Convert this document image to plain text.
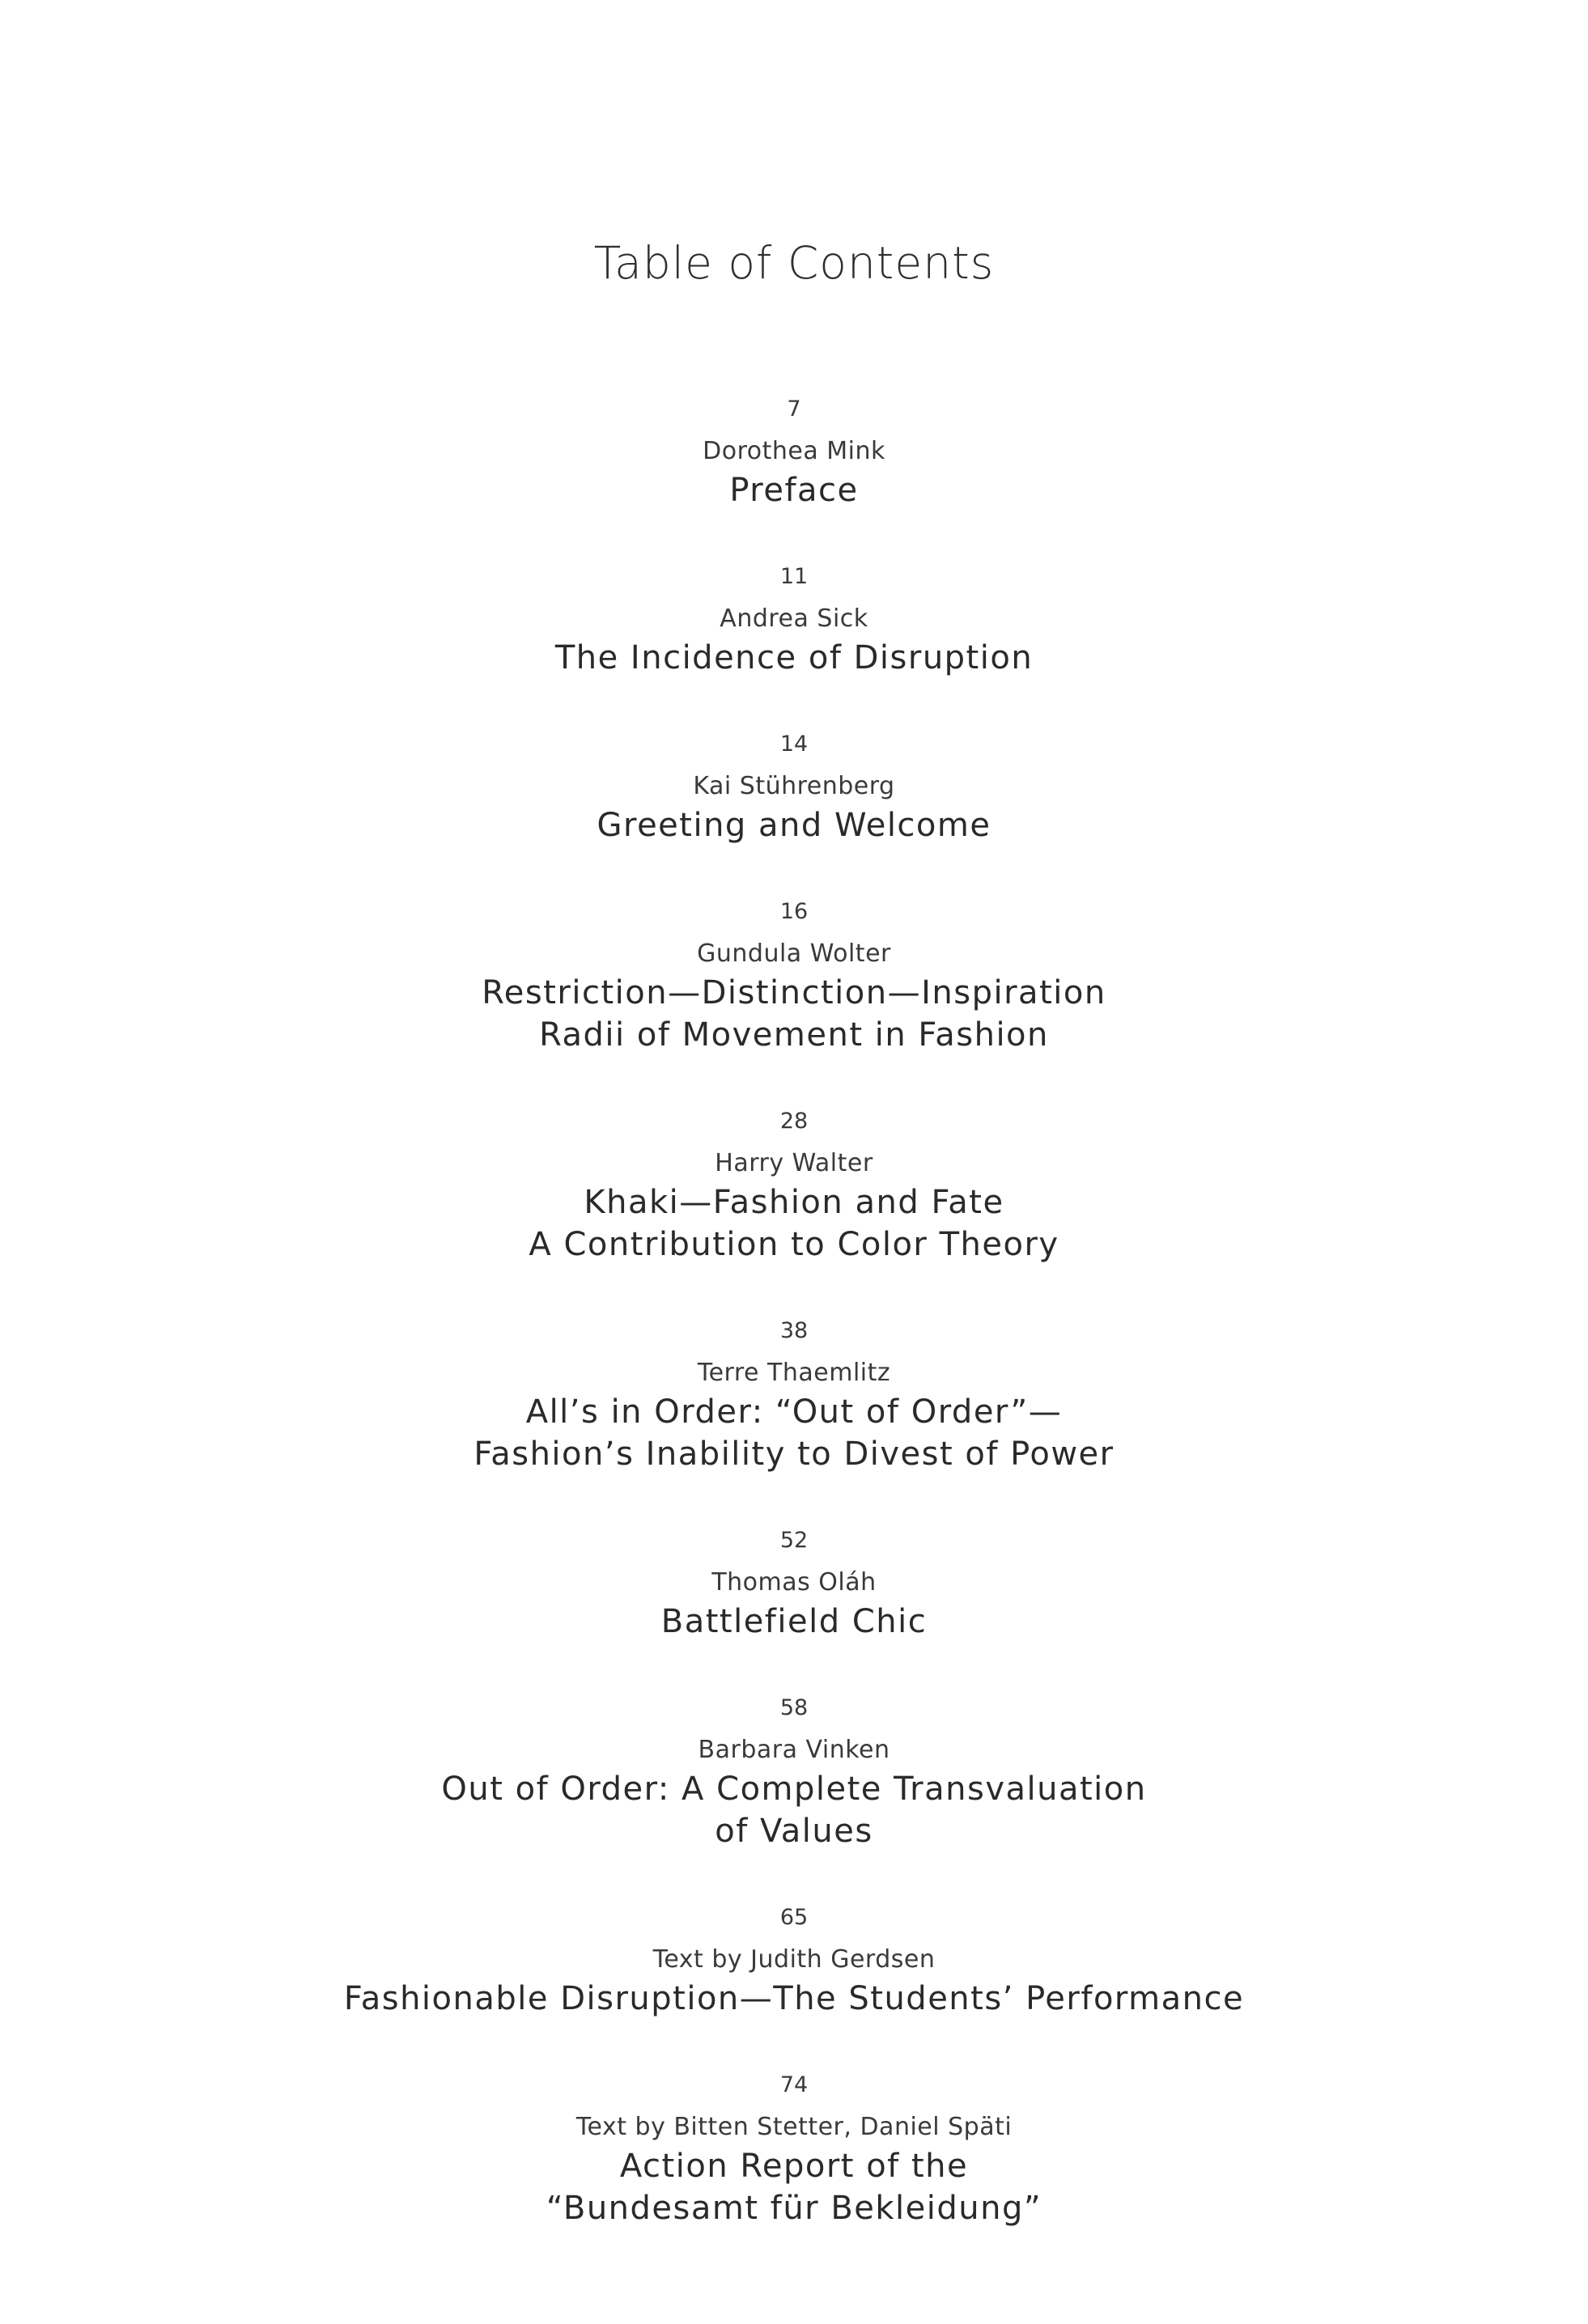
Table of Contents
7
Dorothea Mink
Preface
11
Andrea Sick
The Incidence of Disruption
14
Kai Stührenberg
Greeting and Welcome
16
Gundula Wolter
Restriction—Distinction—Inspiration
Radii of Movement in Fashion
28
Harry Walter
Khaki—Fashion and Fate
A Contribution to Color Theory
38
Terre Thaemlitz
All’s in Order: “Out of Order”—
Fashion’s Inability to Divest of Power
52
Thomas Oláh
Battlefield Chic
58
Barbara Vinken
Out of Order: A Complete Transvaluation
of Values
65
Text by Judith Gerdsen
Fashionable Disruption—The Students’ Performance
74
Text by Bitten Stetter, Daniel Späti
Action Report of the
“Bundesamt für Bekleidung”
